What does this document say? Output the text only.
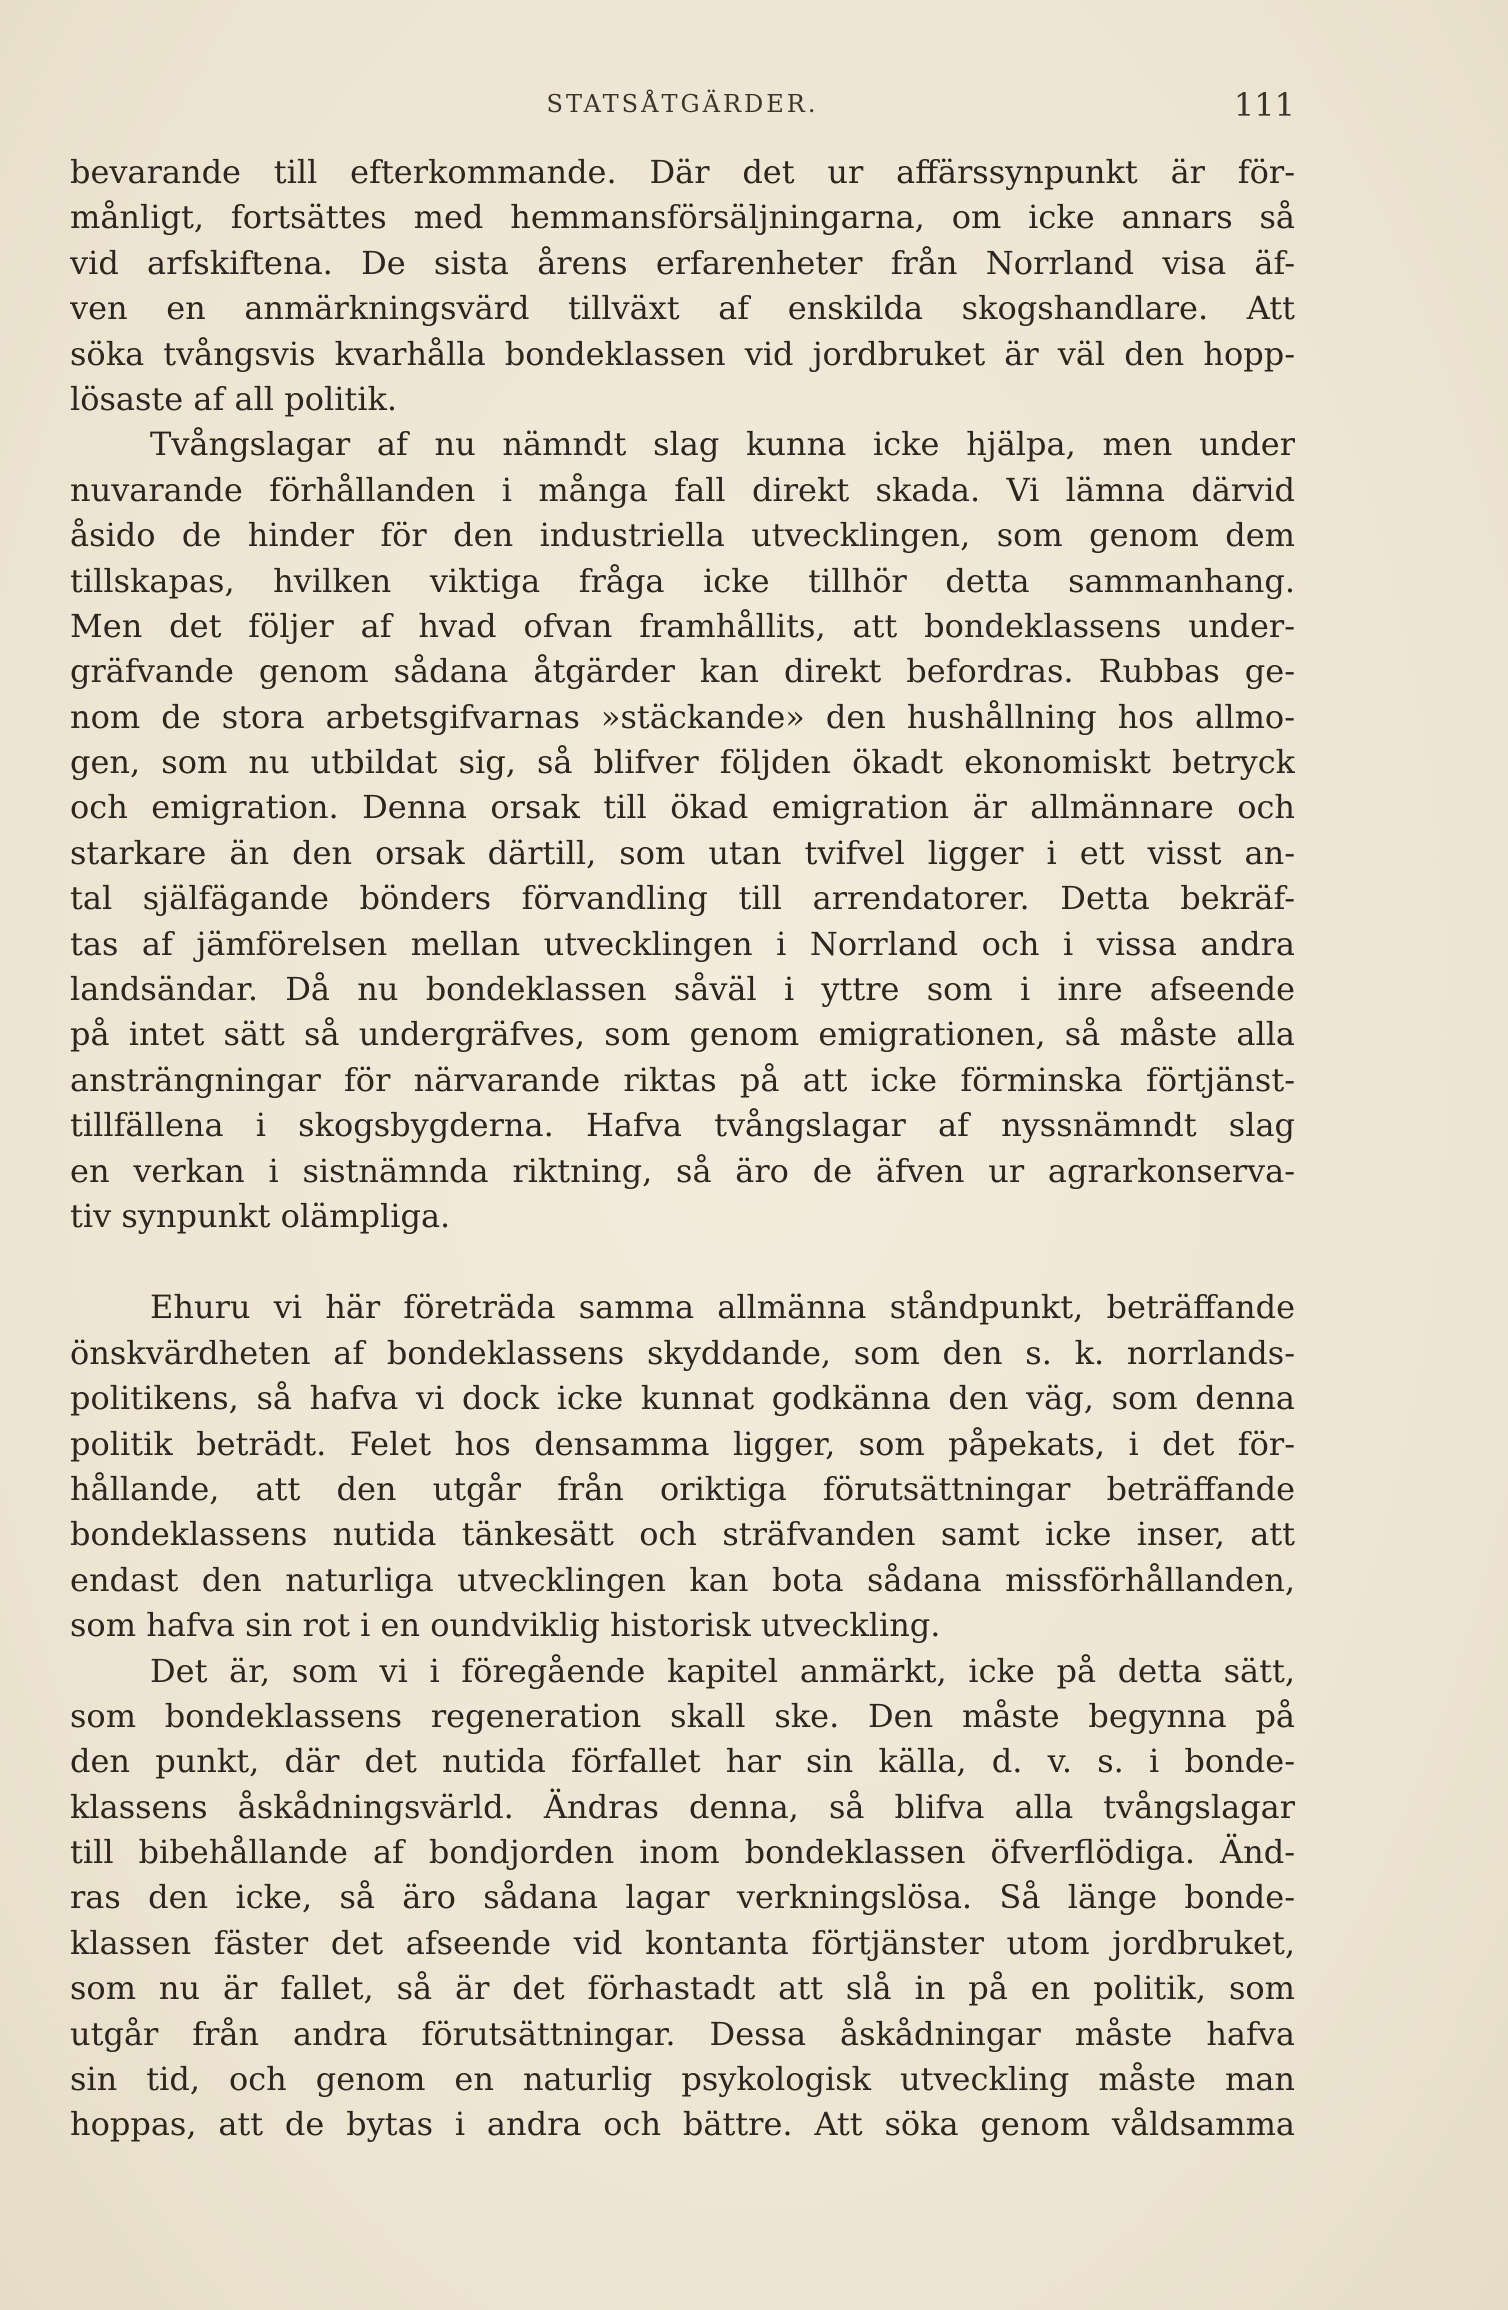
STATSÅTGÄRDER.	111
bevarande till efterkommande. Där det ur affärssynpunkt är för-
månligt, fortsättes med hemmansförsäljningarna, om icke annars så
vid arfskiftena. De sista årens erfarenheter från Norrland visa äf-
ven en anmärkningsvärd tillväxt af enskilda skogshandlare. Att
söka tvångsvis kvarhålla bondeklassen vid jordbruket är väl den hopp-
lösaste af all politik.
Tvångslagar af nu nämndt slag kunna icke hjälpa, men under
nuvarande förhållanden i många fall direkt skada. Vi lämna därvid
åsido de hinder för den industriella utvecklingen, som genom dem
tillskapas, hvilken viktiga fråga icke tillhör detta sammanhang.
Men det följer af hvad ofvan framhållits, att bondeklassens under-
gräfvande genom sådana åtgärder kan direkt befordras. Rubbas ge-
nom de stora arbetsgifvarnas »stäckande» den hushållning hos allmo-
gen, som nu utbildat sig, så blifver följden ökadt ekonomiskt betryck
och emigration. Denna orsak till ökad emigration är allmännare och
starkare än den orsak därtill, som utan tvifvel ligger i ett visst an-
tal själfägande bönders förvandling till arrendatorer. Detta bekräf-
tas af jämförelsen mellan utvecklingen i Norrland och i vissa andra
landsändar. Då nu bondeklassen såväl i yttre som i inre afseende
på intet sätt så undergräfves, som genom emigrationen, så måste alla
ansträngningar för närvarande riktas på att icke förminska förtjänst-
tillfällena i skogsbygderna. Hafva tvångslagar af nyssnämndt slag
en verkan i sistnämnda riktning, så äro de äfven ur agrarkonserva-
tiv synpunkt olämpliga.
Ehuru vi här företräda samma allmänna ståndpunkt, beträffande
önskvärdheten af bondeklassens skyddande, som den s. k. norrlands-
politikens, så hafva vi dock icke kunnat godkänna den väg, som denna
politik beträdt. Felet hos densamma ligger, som påpekats, i det för-
hållande, att den utgår från oriktiga förutsättningar beträffande
bondeklassens nutida tänkesätt och sträfvanden samt icke inser, att
endast den naturliga utvecklingen kan bota sådana missförhållanden,
som hafva sin rot i en oundviklig historisk utveckling.
Det är, som vi i föregående kapitel anmärkt, icke på detta sätt,
som bondeklassens regeneration skall ske. Den måste begynna på
den punkt, där det nutida förfallet har sin källa, d. v. s. i bonde-
klassens åskådningsvärld. Ändras denna, så blifva alla tvångslagar
till bibehållande af bondjorden inom bondeklassen öfverflödiga. Änd-
ras den icke, så äro sådana lagar verkningslösa. Så länge bonde-
klassen fäster det afseende vid kontanta förtjänster utom jordbruket,
som nu är fallet, så är det förhastadt att slå in på en politik, som
utgår från andra förutsättningar. Dessa åskådningar måste hafva
sin tid, och genom en naturlig psykologisk utveckling måste man
hoppas, att de bytas i andra och bättre. Att söka genom våldsamma
